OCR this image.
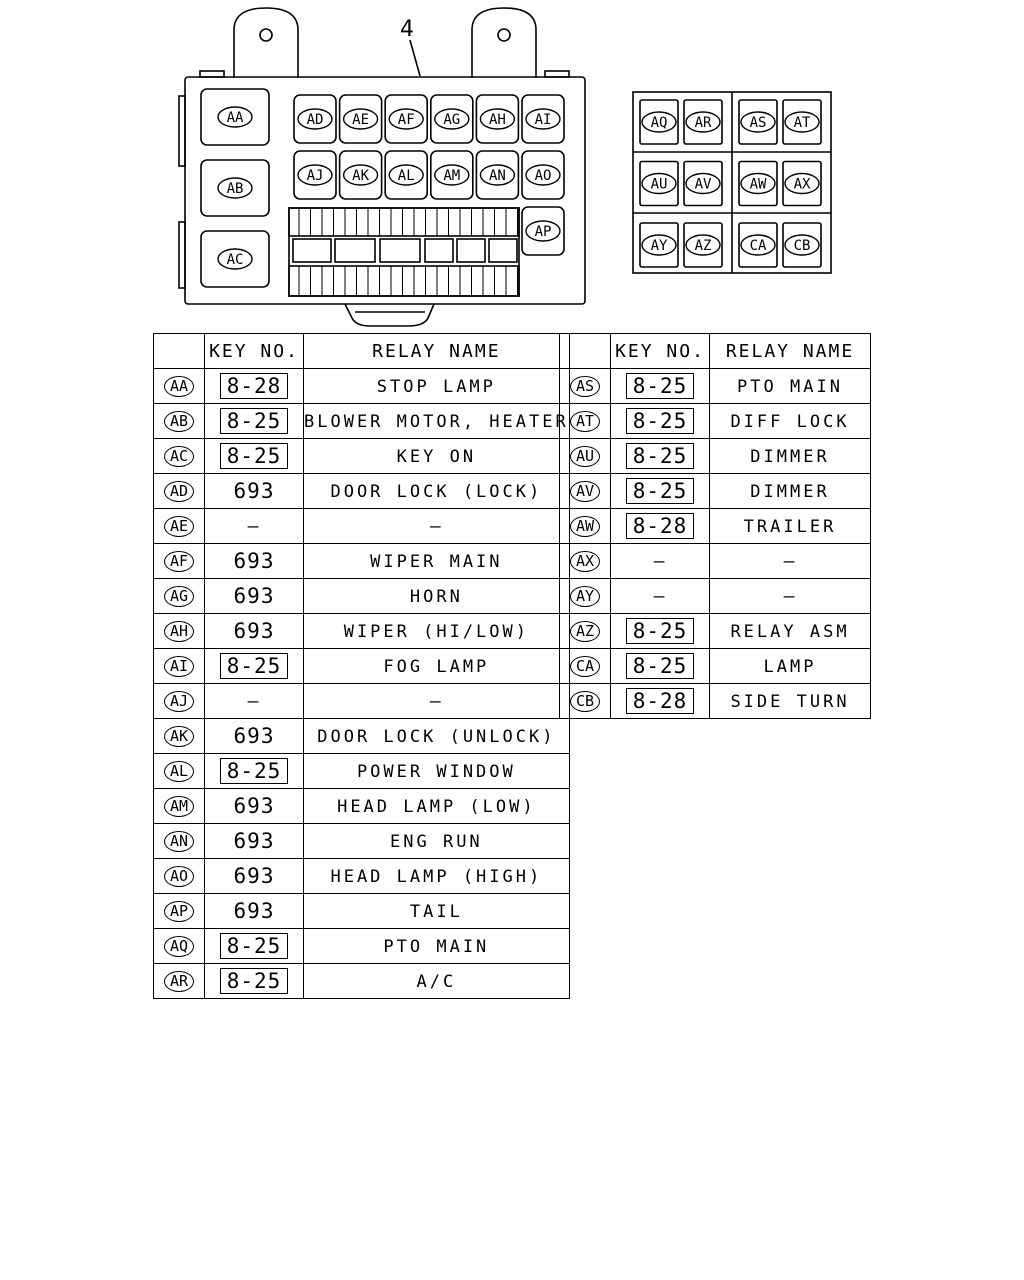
AA
AB
AC
AD AE AF AG AH AI
AJ AK AL AM AN AO
AP
AQ AR	AS AT
AU AV	AW AX
AY AZ	CA CB
4
	KEY NO.	RELAY NAME
AA	8-28	STOP LAMP
AB	8-25	BLOWER MOTOR, HEATER
AC	8-25	KEY ON
AD	693	DOOR LOCK (LOCK)
AE	—	—
AF	693	WIPER MAIN
AG	693	HORN
AH	693	WIPER (HI/LOW)
AI	8-25	FOG LAMP
AJ	—	—
AK	693	DOOR LOCK (UNLOCK)
AL	8-25	POWER WINDOW
AM	693	HEAD LAMP (LOW)
AN	693	ENG RUN
AO	693	HEAD LAMP (HIGH)
AP	693	TAIL
AQ	8-25	PTO MAIN
AR	8-25	A/C
	KEY NO.	RELAY NAME
AS	8-25	PTO MAIN
AT	8-25	DIFF LOCK
AU	8-25	DIMMER
AV	8-25	DIMMER
AW	8-28	TRAILER
AX	—	—
AY	—	—
AZ	8-25	RELAY ASM
CA	8-25	LAMP
CB	8-28	SIDE TURN
